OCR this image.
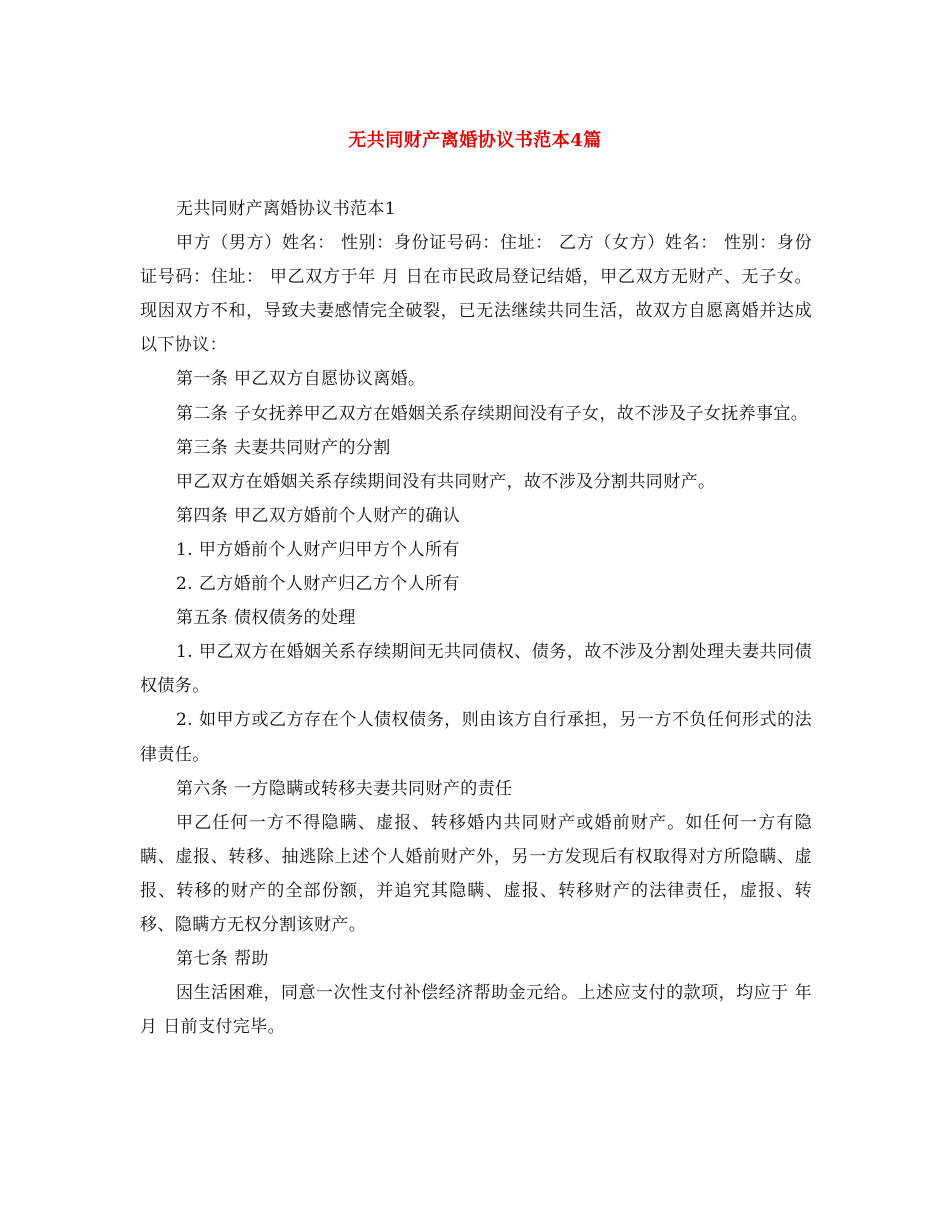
无共同财产离婚协议书范本4篇

无共同财产离婚协议书范本1

甲方（男方）姓名： 性别：身份证号码：住址： 乙方（女方）姓名： 性别：身份证号码：住址： 甲乙双方于年 月 日在市民政局登记结婚，甲乙双方无财产、无子女。现因双方不和，导致夫妻感情完全破裂，已无法继续共同生活，故双方自愿离婚并达成以下协议：

第一条 甲乙双方自愿协议离婚。

第二条 子女抚养甲乙双方在婚姻关系存续期间没有子女，故不涉及子女抚养事宜。

第三条 夫妻共同财产的分割

甲乙双方在婚姻关系存续期间没有共同财产，故不涉及分割共同财产。

第四条 甲乙双方婚前个人财产的确认

1. 甲方婚前个人财产归甲方个人所有

2. 乙方婚前个人财产归乙方个人所有

第五条 债权债务的处理

1. 甲乙双方在婚姻关系存续期间无共同债权、债务，故不涉及分割处理夫妻共同债权债务。

2. 如甲方或乙方存在个人债权债务，则由该方自行承担，另一方不负任何形式的法律责任。

第六条 一方隐瞒或转移夫妻共同财产的责任

甲乙任何一方不得隐瞒、虚报、转移婚内共同财产或婚前财产。如任何一方有隐瞒、虚报、转移、抽逃除上述个人婚前财产外，另一方发现后有权取得对方所隐瞒、虚报、转移的财产的全部份额，并追究其隐瞒、虚报、转移财产的法律责任，虚报、转移、隐瞒方无权分割该财产。

第七条 帮助

因生活困难，同意一次性支付补偿经济帮助金元给。上述应支付的款项，均应于 年月 日前支付完毕。
